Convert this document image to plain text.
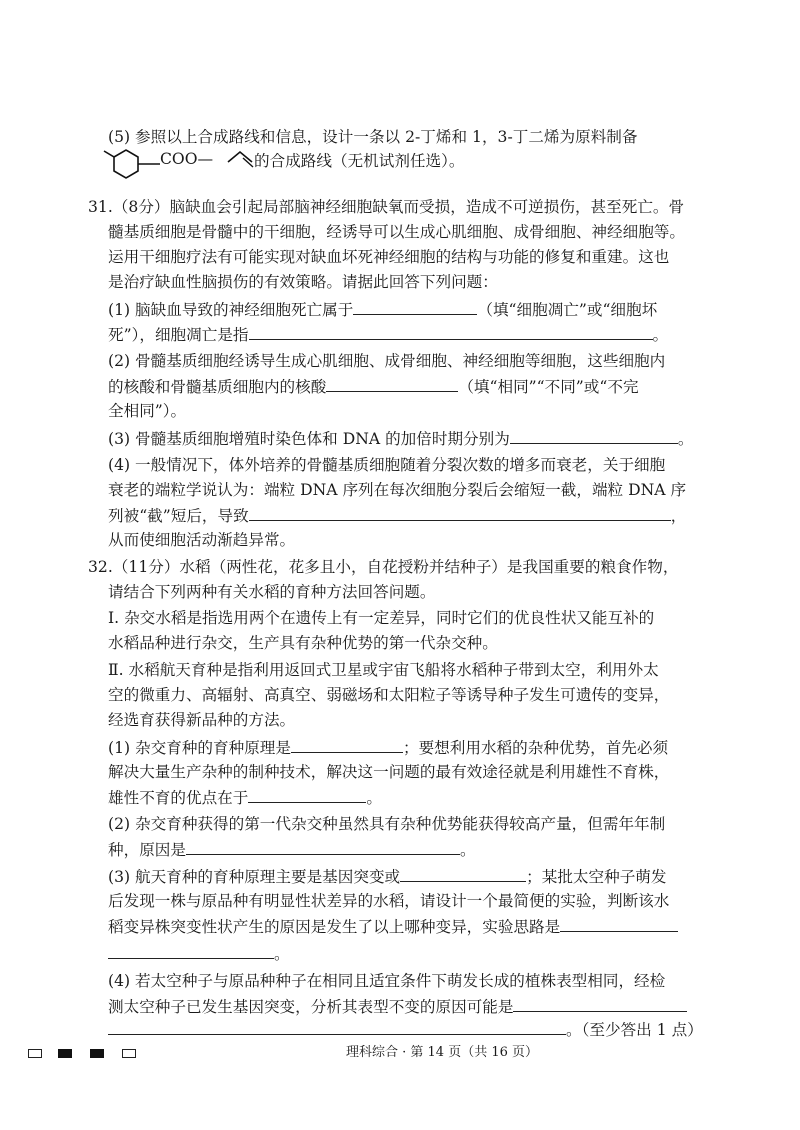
(5) 参照以上合成路线和信息，设计一条以 2-丁烯和 1，3-丁二烯为原料制备
COO—	的合成路线（无机试剂任选）。
31.（8分）脑缺血会引起局部脑神经细胞缺氧而受损，造成不可逆损伤，甚至死亡。骨
髓基质细胞是骨髓中的干细胞，经诱导可以生成心肌细胞、成骨细胞、神经细胞等。
运用干细胞疗法有可能实现对缺血坏死神经细胞的结构与功能的修复和重建。这也
是治疗缺血性脑损伤的有效策略。请据此回答下列问题：
(1) 脑缺血导致的神经细胞死亡属于	（填“细胞凋亡”或“细胞坏
死”），细胞凋亡是指	。
(2) 骨髓基质细胞经诱导生成心肌细胞、成骨细胞、神经细胞等细胞，这些细胞内
的核酸和骨髓基质细胞内的核酸	（填“相同”“不同”或“不完
全相同”）。
(3) 骨髓基质细胞增殖时染色体和 DNA 的加倍时期分别为	。
(4) 一般情况下，体外培养的骨髓基质细胞随着分裂次数的增多而衰老，关于细胞
衰老的端粒学说认为：端粒 DNA 序列在每次细胞分裂后会缩短一截，端粒 DNA 序
列被“截”短后，导致	，
从而使细胞活动渐趋异常。
32.（11分）水稻（两性花，花多且小，自花授粉并结种子）是我国重要的粮食作物，
请结合下列两种有关水稻的育种方法回答问题。
Ⅰ. 杂交水稻是指选用两个在遗传上有一定差异，同时它们的优良性状又能互补的
水稻品种进行杂交，生产具有杂种优势的第一代杂交种。
Ⅱ. 水稻航天育种是指利用返回式卫星或宇宙飞船将水稻种子带到太空，利用外太
空的微重力、高辐射、高真空、弱磁场和太阳粒子等诱导种子发生可遗传的变异，
经选育获得新品种的方法。
(1) 杂交育种的育种原理是	；要想利用水稻的杂种优势，首先必须
解决大量生产杂种的制种技术，解决这一问题的最有效途径就是利用雄性不育株，
雄性不育的优点在于	。
(2) 杂交育种获得的第一代杂交种虽然具有杂种优势能获得较高产量，但需年年制
种，原因是	。
(3) 航天育种的育种原理主要是基因突变或	；某批太空种子萌发
后发现一株与原品种有明显性状差异的水稻，请设计一个最简便的实验，判断该水
稻变异株突变性状产生的原因是发生了以上哪种变异，实验思路是
。
(4) 若太空种子与原品种种子在相同且适宜条件下萌发长成的植株表型相同，经检
测太空种子已发生基因突变，分析其表型不变的原因可能是
。（至少答出 1 点）
理科综合 · 第 14 页（共 16 页）
